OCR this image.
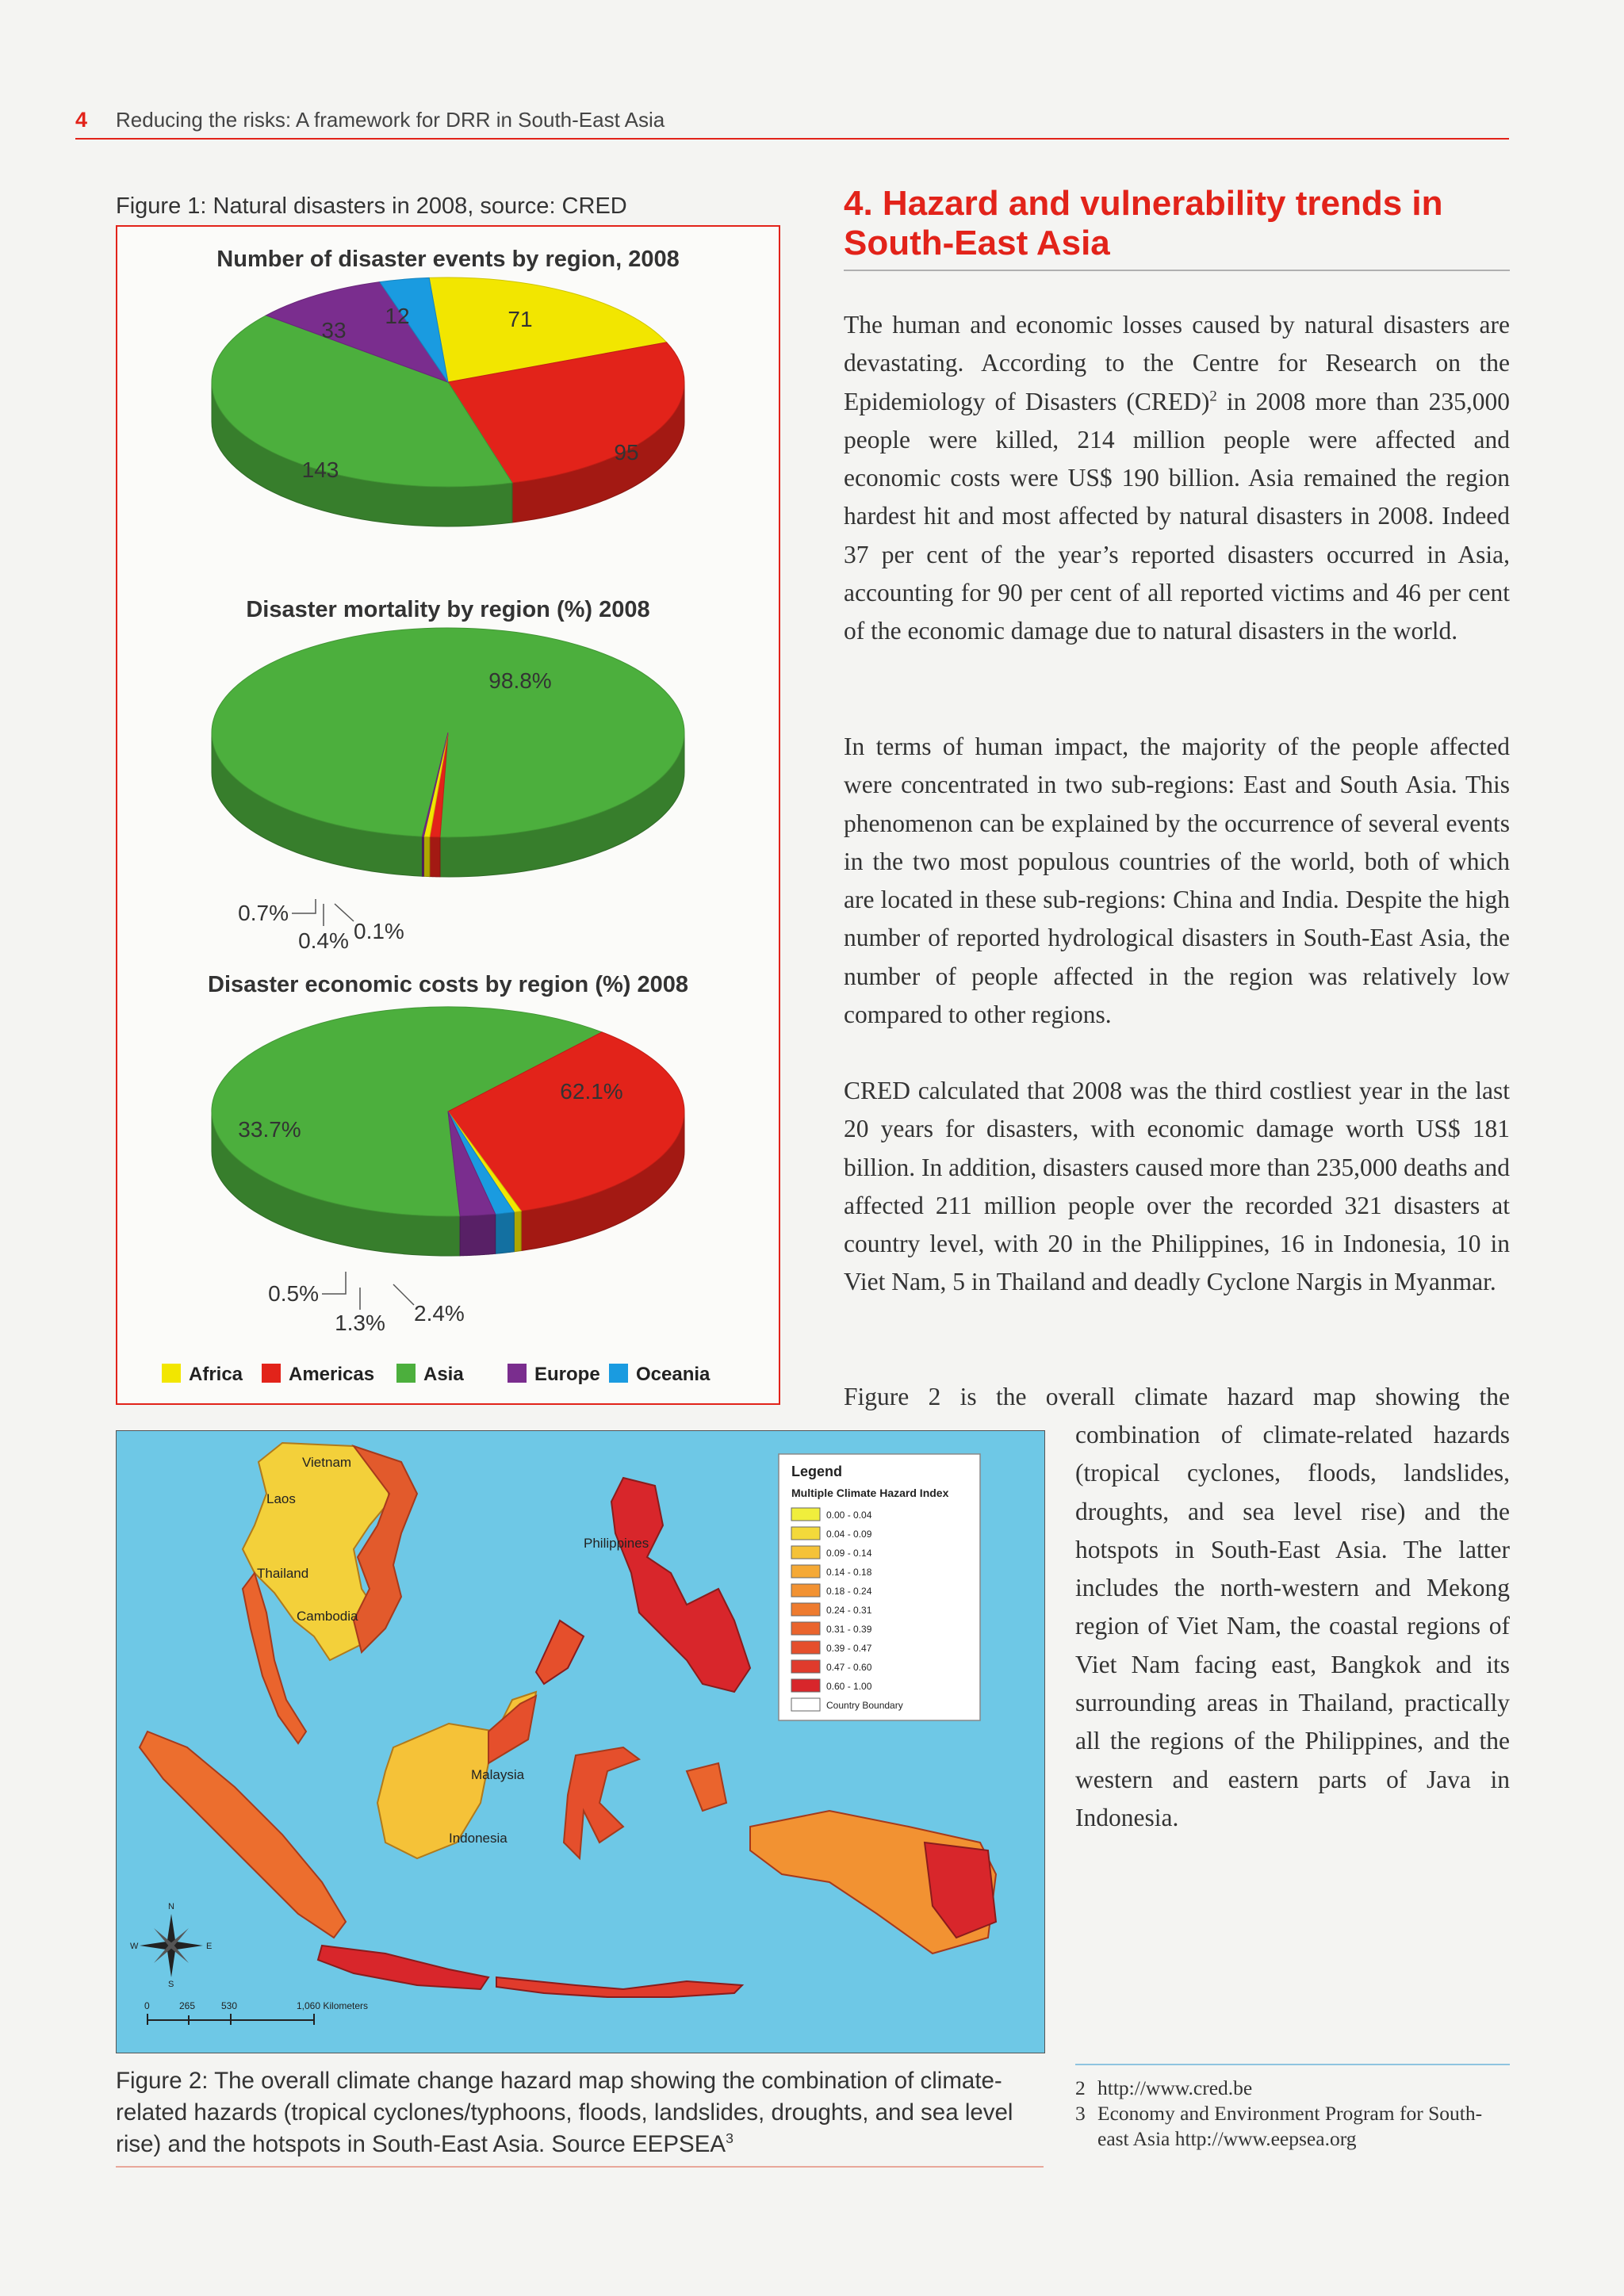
4 Reducing the risks: A framework for DRR in South-East Asia
Figure 1: Natural disasters in 2008, source: CRED
Number of disaster events by region, 2008
71
95
143
33
12
Disaster mortality by region (%) 2008
98.8%
0.7%
0.4% 0.1%
Disaster economic costs by region (%) 2008
62.1%
33.7%
0.5%
1.3% 2.4%
Africa Americas	Asia	Europe Oceania
4. Hazard and vulnerability trends in South-East Asia
The human and economic losses caused by natural disasters are devastating. According to the Centre for Research on the Epidemiology of Disasters (CRED)$^2$ in 2008 more than 235,000 people were killed, 214 million people were affected and economic costs were US$ 190 billion. Asia remained the region hardest hit and most affected by natural disasters in 2008. Indeed 37 per cent of the year’s reported disasters occurred in Asia, accounting for 90 per cent of all reported victims and 46 per cent of the economic damage due to natural disasters in the world.
In terms of human impact, the majority of the people affected were concentrated in two sub-regions: East and South Asia. This phenomenon can be explained by the occurrence of several events in the two most populous countries of the world, both of which are located in these sub-regions: China and India. Despite the high number of reported hydrological disasters in South-East Asia, the number of people affected in the region was relatively low compared to other regions.
CRED calculated that 2008 was the third costliest year in the last 20 years for disasters, with economic damage worth US$ 181 billion. In addition, disasters caused more than 235,000 deaths and affected 211 million people over the recorded 321 disasters at country level, with 20 in the Philippines, 16 in Indonesia, 10 in Viet Nam, 5 in Thailand and deadly Cyclone Nargis in Myanmar.
Figure 2 is the overall climate hazard map showing the
combination of climate-related hazards (tropical cyclones, floods, landslides, droughts, and sea level rise) and the hotspots in South-East Asia. The latter includes the north-western and Mekong region of Viet Nam, the coastal regions of Viet Nam facing east, Bangkok and its surrounding areas in Thailand, practically all the regions of the Philippines, and the western and eastern parts of Java in Indonesia.
Legend
Multiple Climate Hazard Index
0.00 - 0.04
0.04 - 0.09
0.09 - 0.14
0.14 - 0.18
0.18 - 0.24
0.24 - 0.31
0.31 - 0.39
0.39 - 0.47
0.47 - 0.60
0.60 - 1.00
Country Boundary
Vietnam
Laos
Thailand
Cambodia
Philippines
Malaysia
Indonesia
N
S
E
W
0	265	530	1,060 Kilometers
Figure 2: The overall climate change hazard map showing the combination of climate-related hazards (tropical cyclones/typhoons, floods, landslides, droughts, and sea level rise) and the hotspots in South-East Asia. Source EEPSEA$^3$
2 http://www.cred.be
3 Economy and Environment Program for South-
east Asia http://www.eepsea.org
